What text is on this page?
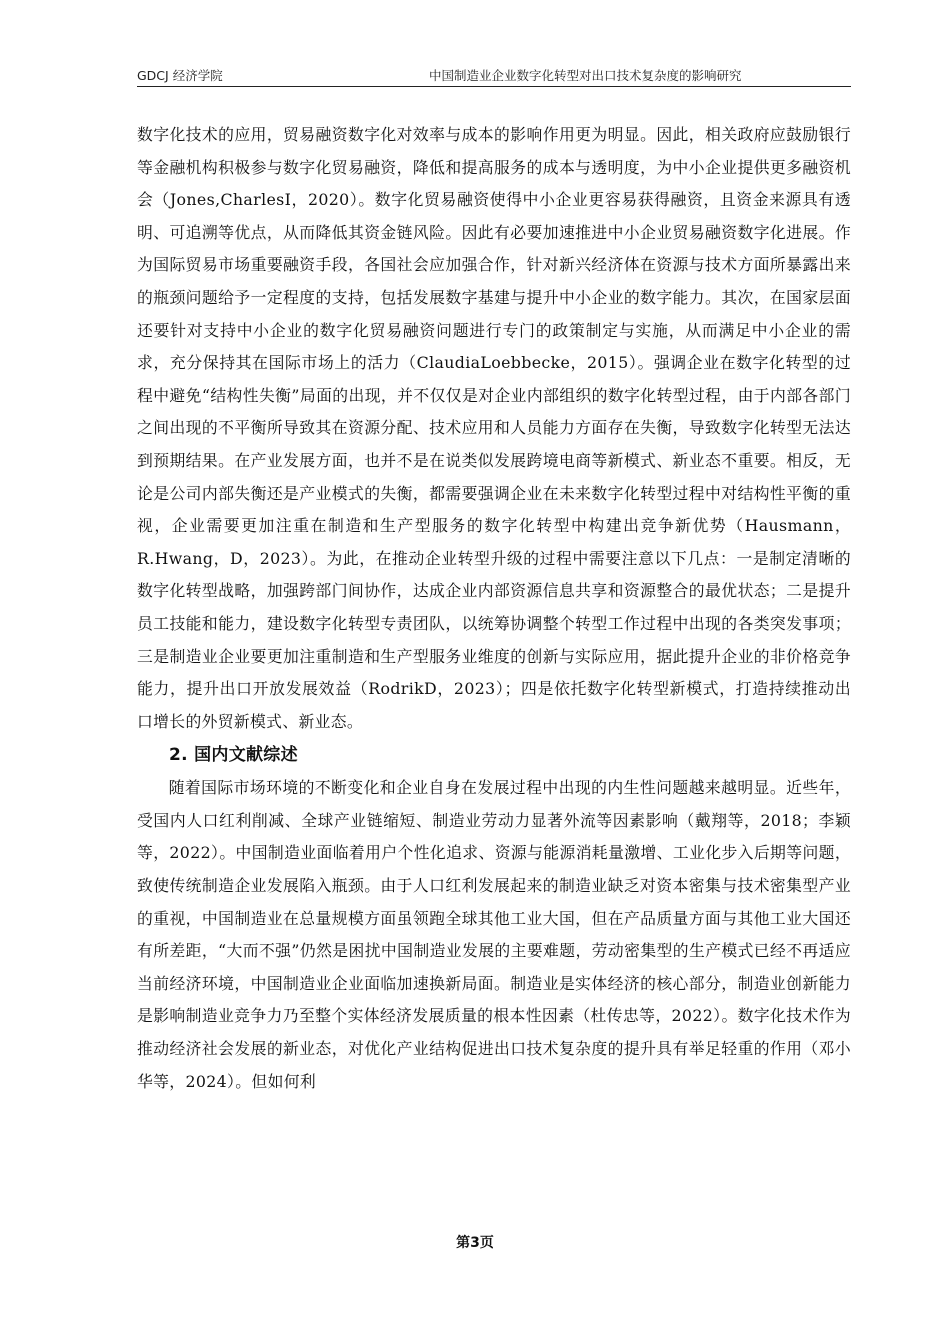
GDCJ 经济学院	中国制造业企业数字化转型对出口技术复杂度的影响研究

数字化技术的应用，贸易融资数字化对效率与成本的影响作用更为明显。因此，相关政府应鼓励银行等金融机构积极参与数字化贸易融资，降低和提高服务的成本与透明度，为中小企业提供更多融资机会（Jones,CharlesI，2020）。数字化贸易融资使得中小企业更容易获得融资，且资金来源具有透明、可追溯等优点，从而降低其资金链风险。因此有必要加速推进中小企业贸易融资数字化进展。作为国际贸易市场重要融资手段，各国社会应加强合作，针对新兴经济体在资源与技术方面所暴露出来的瓶颈问题给予一定程度的支持，包括发展数字基建与提升中小企业的数字能力。其次，在国家层面还要针对支持中小企业的数字化贸易融资问题进行专门的政策制定与实施，从而满足中小企业的需求，充分保持其在国际市场上的活力（ClaudiaLoebbecke，2015）。强调企业在数字化转型的过程中避免“结构性失衡”局面的出现，并不仅仅是对企业内部组织的数字化转型过程，由于内部各部门之间出现的不平衡所导致其在资源分配、技术应用和人员能力方面存在失衡，导致数字化转型无法达到预期结果。在产业发展方面，也并不是在说类似发展跨境电商等新模式、新业态不重要。相反，无论是公司内部失衡还是产业模式的失衡，都需要强调企业在未来数字化转型过程中对结构性平衡的重视，企业需要更加注重在制造和生产型服务的数字化转型中构建出竞争新优势（Hausmann，R.Hwang，D，2023）。为此，在推动企业转型升级的过程中需要注意以下几点：一是制定清晰的数字化转型战略，加强跨部门间协作，达成企业内部资源信息共享和资源整合的最优状态；二是提升员工技能和能力，建设数字化转型专责团队，以统筹协调整个转型工作过程中出现的各类突发事项；三是制造业企业要更加注重制造和生产型服务业维度的创新与实际应用，据此提升企业的非价格竞争能力，提升出口开放发展效益（RodrikD，2023）；四是依托数字化转型新模式，打造持续推动出口增长的外贸新模式、新业态。

2. 国内文献综述

随着国际市场环境的不断变化和企业自身在发展过程中出现的内生性问题越来越明显。近些年，受国内人口红利削减、全球产业链缩短、制造业劳动力显著外流等因素影响（戴翔等，2018；李颖等，2022）。中国制造业面临着用户个性化追求、资源与能源消耗量激增、工业化步入后期等问题，致使传统制造企业发展陷入瓶颈。由于人口红利发展起来的制造业缺乏对资本密集与技术密集型产业的重视，中国制造业在总量规模方面虽领跑全球其他工业大国，但在产品质量方面与其他工业大国还有所差距，“大而不强”仍然是困扰中国制造业发展的主要难题，劳动密集型的生产模式已经不再适应当前经济环境，中国制造业企业面临加速换新局面。制造业是实体经济的核心部分，制造业创新能力是影响制造业竞争力乃至整个实体经济发展质量的根本性因素（杜传忠等，2022）。数字化技术作为推动经济社会发展的新业态，对优化产业结构促进出口技术复杂度的提升具有举足轻重的作用（邓小华等，2024）。但如何利

第3页
